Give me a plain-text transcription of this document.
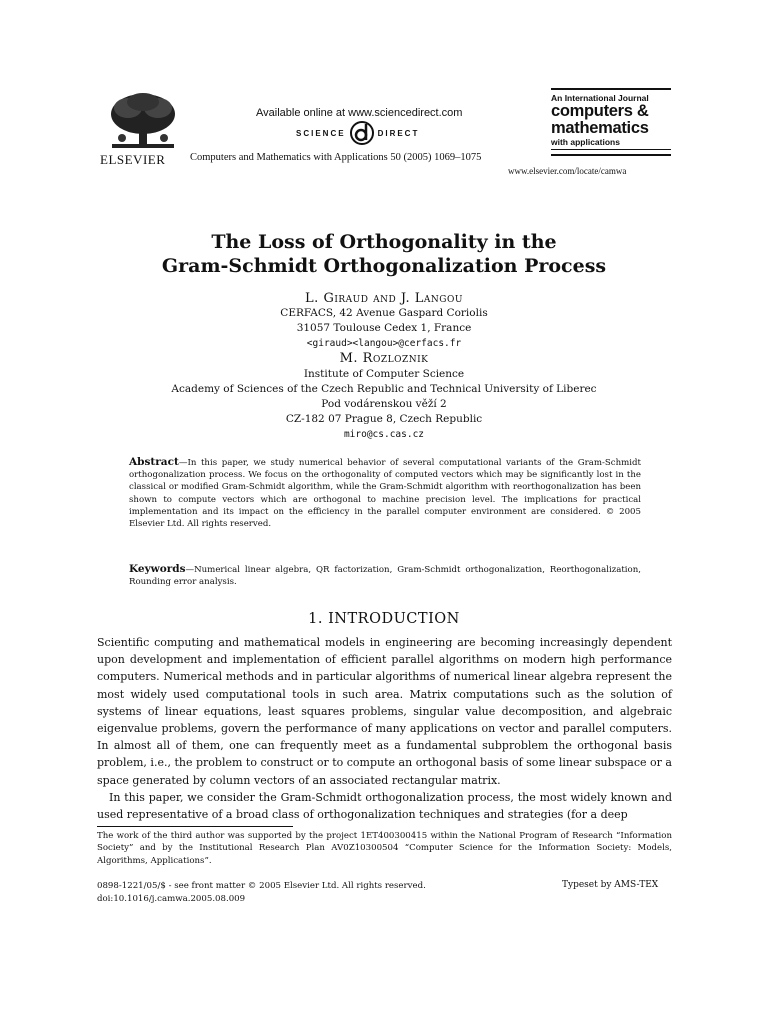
ELSEVIER
Available online at www.sciencedirect.com
SCIENCE	DIRECT
Computers and Mathematics with Applications 50 (2005) 1069–1075
An International Journal
computers &
mathematics
with applications
www.elsevier.com/locate/camwa
The Loss of Orthogonality in the
Gram-Schmidt Orthogonalization Process
L. Giraud and J. Langou
CERFACS, 42 Avenue Gaspard Coriolis
31057 Toulouse Cedex 1, France
<giraud><langou>@cerfacs.fr
M. Rozloznik
Institute of Computer Science
Academy of Sciences of the Czech Republic and Technical University of Liberec
Pod vodárenskou věží 2
CZ-182 07 Prague 8, Czech Republic
miro@cs.cas.cz
Abstract—In this paper, we study numerical behavior of several computational variants of the Gram-Schmidt orthogonalization process. We focus on the orthogonality of computed vectors which may be significantly lost in the classical or modified Gram-Schmidt algorithm, while the Gram-Schmidt algorithm with reorthogonalization has been shown to compute vectors which are orthogonal to machine precision level. The implications for practical implementation and its impact on the efficiency in the parallel computer environment are considered. © 2005 Elsevier Ltd. All rights reserved.
Keywords—Numerical linear algebra, QR factorization, Gram-Schmidt orthogonalization, Reorthogonalization, Rounding error analysis.
1. INTRODUCTION

Scientific computing and mathematical models in engineering are becoming increasingly dependent upon development and implementation of efficient parallel algorithms on modern high performance computers. Numerical methods and in particular algorithms of numerical linear algebra represent the most widely used computational tools in such area. Matrix computations such as the solution of systems of linear equations, least squares problems, singular value decomposition, and algebraic eigenvalue problems, govern the performance of many applications on vector and parallel computers. In almost all of them, one can frequently meet as a fundamental subproblem the orthogonal basis problem, i.e., the problem to construct or to compute an orthogonal basis of some linear subspace or a space generated by column vectors of an associated rectangular matrix.

In this paper, we consider the Gram-Schmidt orthogonalization process, the most widely known and used representative of a broad class of orthogonalization techniques and strategies (for a deep

The work of the third author was supported by the project 1ET400300415 within the National Program of Research “Information Society” and by the Institutional Research Plan AV0Z10300504 “Computer Science for the Information Society: Models, Algorithms, Applications”.
0898-1221/05/$ - see front matter © 2005 Elsevier Ltd. All rights reserved.
doi:10.1016/j.camwa.2005.08.009
Typeset by AMS-TEX
